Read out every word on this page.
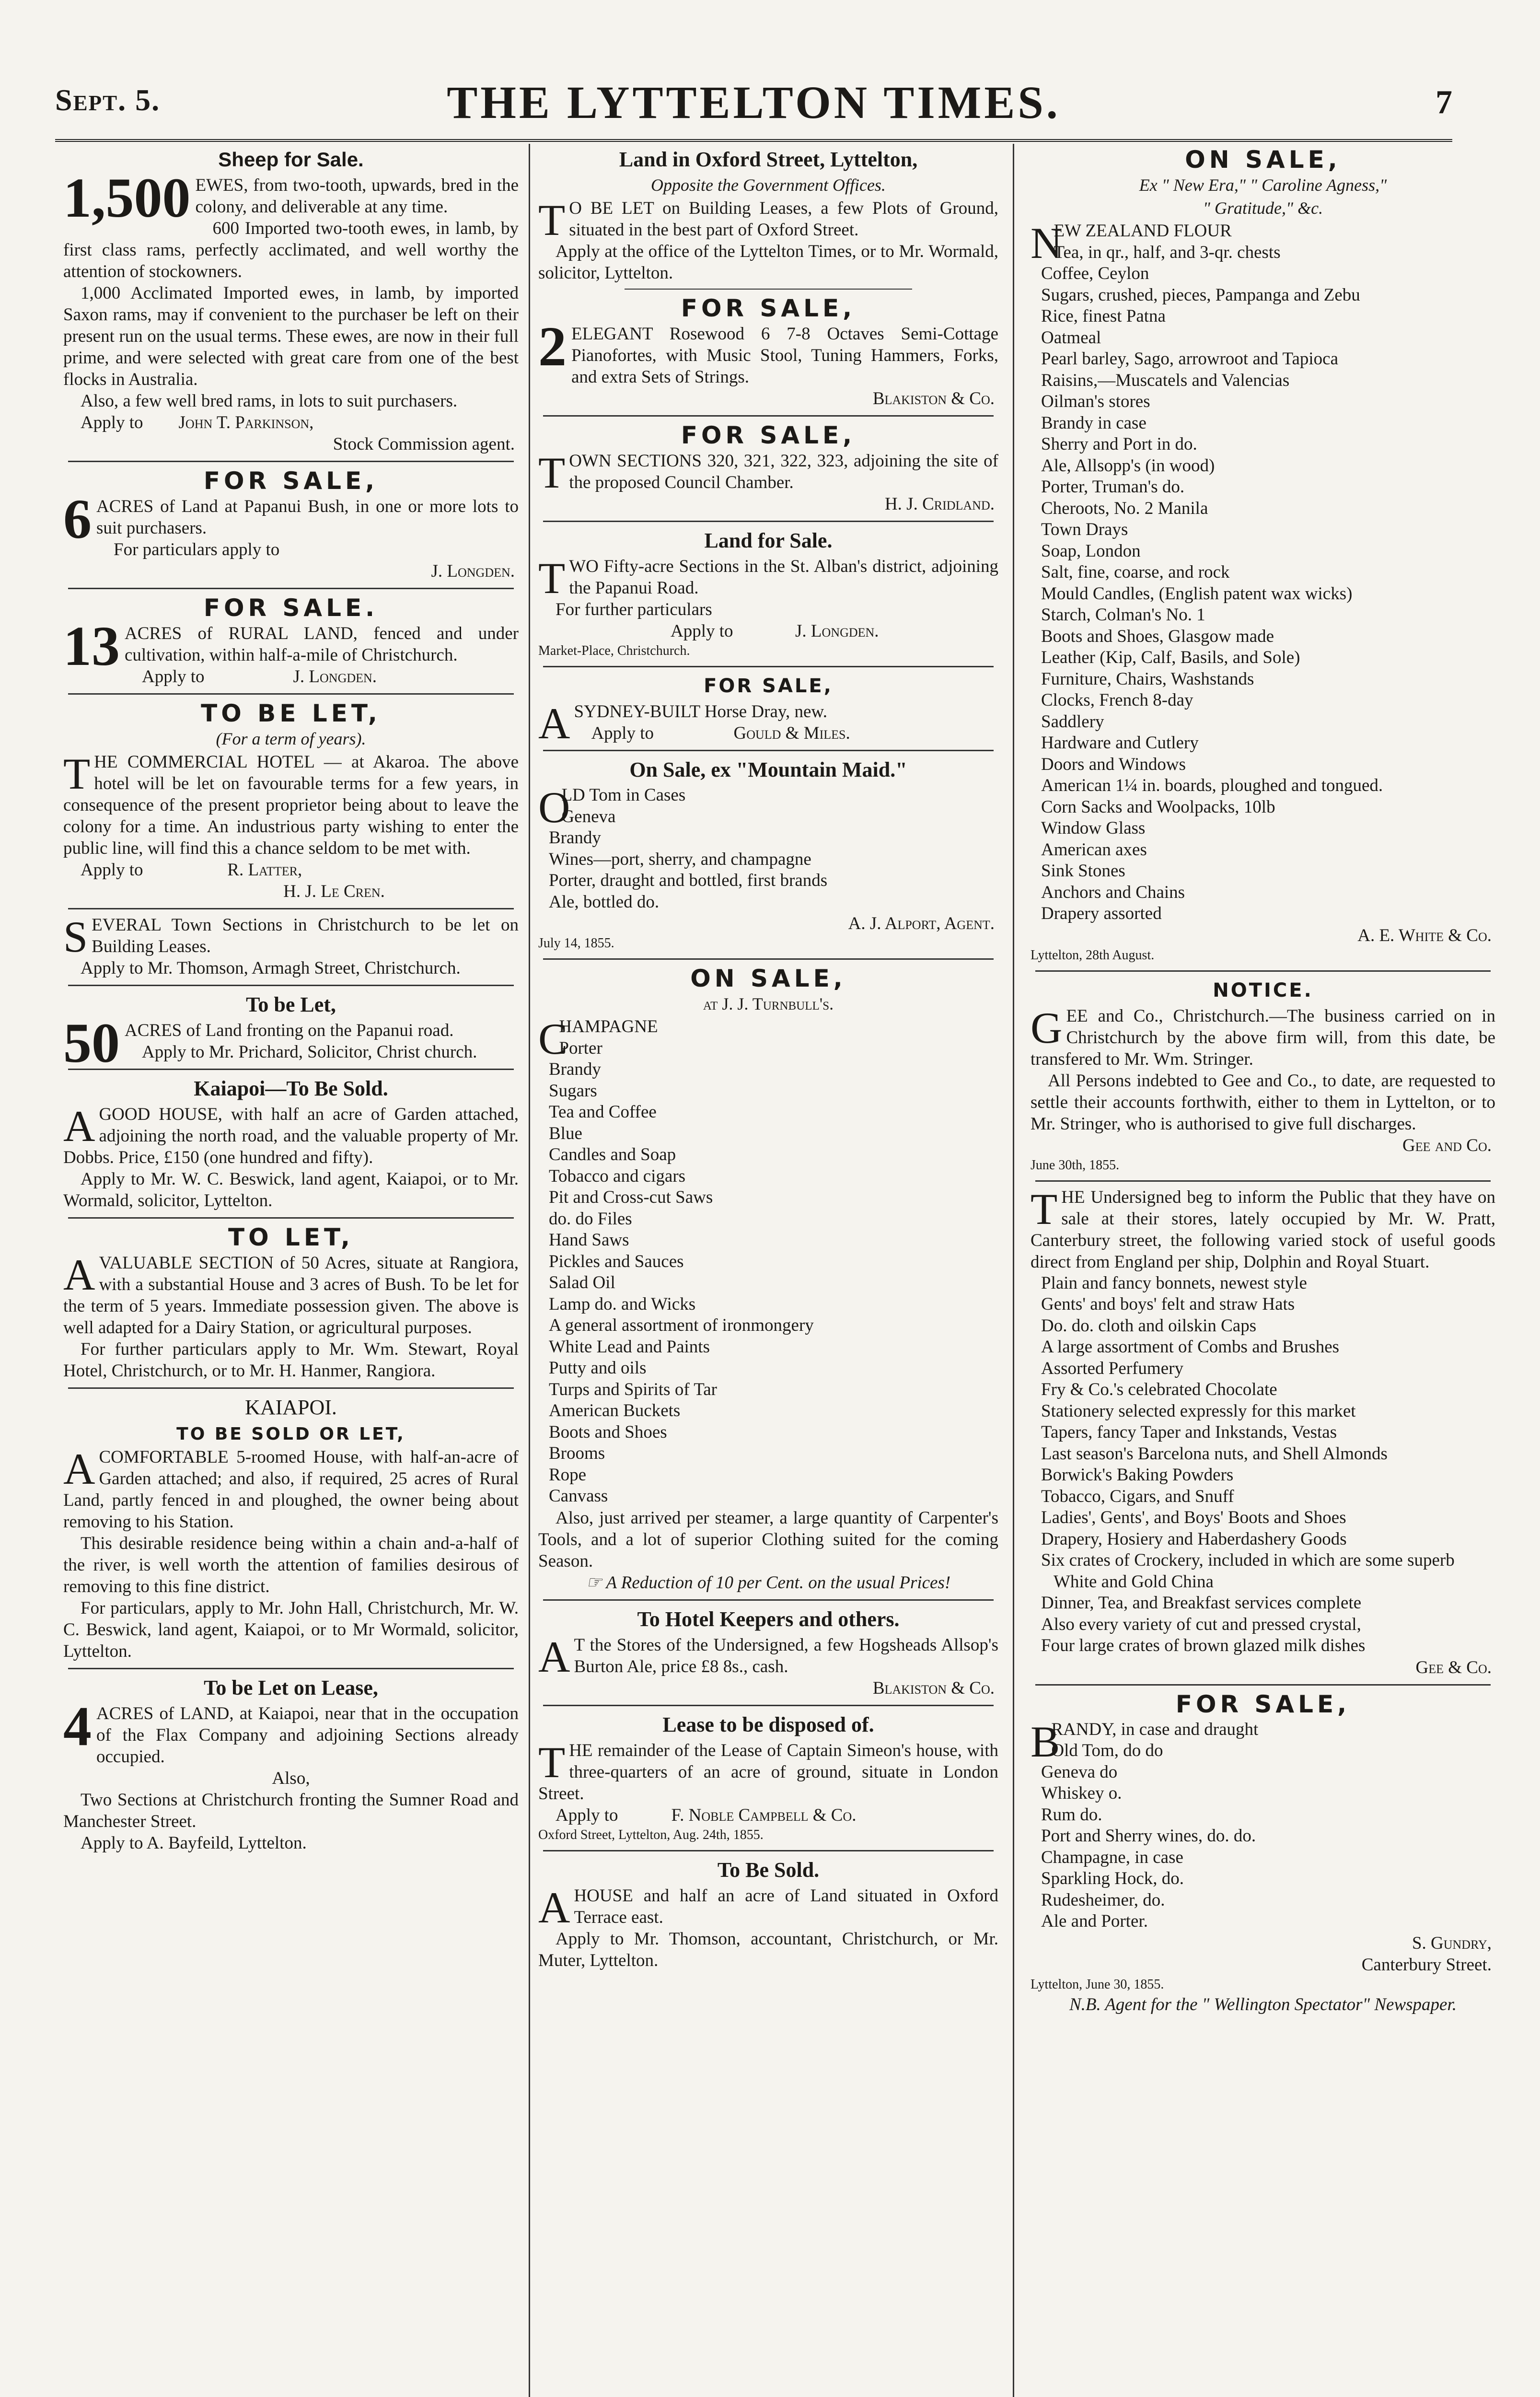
Sept. 5.	THE LYTTELTON TIMES.	7
Sheep for Sale.
1,500 EWES, from two-tooth, upwards, bred in the colony, and deliverable at any time.

600 Imported two-tooth ewes, in lamb, by first class rams, perfectly acclimated, and well worthy the attention of stockowners.

1,000 Acclimated Imported ewes, in lamb, by imported Saxon rams, may if convenient to the purchaser be left on their present run on the usual terms. These ewes, are now in their full prime, and were selected with great care from one of the best flocks in Australia.

Also, a few well bred rams, in lots to suit purchasers.

Apply to John T. Parkinson,

Stock Commission agent.

FOR SALE,
6 ACRES of Land at Papanui Bush, in one or more lots to suit purchasers.

For particulars apply to

J. Longden.

FOR SALE.
13 ACRES of RURAL LAND, fenced and under cultivation, within half-a-mile of Christchurch.

Apply to	J. Longden.

TO BE LET,
(For a term of years).
T HE COMMERCIAL HOTEL — at Akaroa. The above hotel will be let on favourable terms for a few years, in consequence of the present proprietor being about to leave the colony for a time. An industrious party wishing to enter the public line, will find this a chance seldom to be met with.

Apply to	R. Latter,

H. J. Le Cren.

S EVERAL Town Sections in Christchurch to be let on Building Leases.

Apply to Mr. Thomson, Armagh Street, Christchurch.

To be Let,
50 ACRES of Land fronting on the Papanui road.

Apply to Mr. Prichard, Solicitor, Christ church.

Kaiapoi—To Be Sold.
A GOOD HOUSE, with half an acre of Garden attached, adjoining the north road, and the valuable property of Mr. Dobbs. Price, £150 (one hundred and fifty).

Apply to Mr. W. C. Beswick, land agent, Kaiapoi, or to Mr. Wormald, solicitor, Lyttelton.

TO LET,
A VALUABLE SECTION of 50 Acres, situate at Rangiora, with a substantial House and 3 acres of Bush. To be let for the term of 5 years. Immediate possession given. The above is well adapted for a Dairy Station, or agricultural purposes.

For further particulars apply to Mr. Wm. Stewart, Royal Hotel, Christchurch, or to Mr. H. Hanmer, Rangiora.

KAIAPOI.
TO BE SOLD OR LET,
A COMFORTABLE 5-roomed House, with half-an-acre of Garden attached; and also, if required, 25 acres of Rural Land, partly fenced in and ploughed, the owner being about removing to his Station.

This desirable residence being within a chain and-a-half of the river, is well worth the attention of families desirous of removing to this fine district.

For particulars, apply to Mr. John Hall, Christchurch, Mr. W. C. Beswick, land agent, Kaiapoi, or to Mr Wormald, solicitor, Lyttelton.

To be Let on Lease,
4 ACRES of LAND, at Kaiapoi, near that in the occupation of the Flax Company and adjoining Sections already occupied.

Also,

Two Sections at Christchurch fronting the Sumner Road and Manchester Street.

Apply to A. Bayfeild, Lyttelton.

Land in Oxford Street, Lyttelton,
Opposite the Government Offices.
T O BE LET on Building Leases, a few Plots of Ground, situated in the best part of Oxford Street.

Apply at the office of the Lyttelton Times, or to Mr. Wormald, solicitor, Lyttelton.

FOR SALE,
2 ELEGANT Rosewood 6 7-8 Octaves Semi-Cottage Pianofortes, with Music Stool, Tuning Hammers, Forks, and extra Sets of Strings.

Blakiston & Co.

FOR SALE,
T OWN SECTIONS 320, 321, 322, 323, adjoining the site of the proposed Council Chamber.

H. J. Cridland.

Land for Sale.
T WO Fifty-acre Sections in the St. Alban's district, adjoining the Papanui Road.

For further particulars

Apply to	J. Longden.

Market-Place, Christchurch.

FOR SALE,
A SYDNEY-BUILT Horse Dray, new.

Apply to	Gould & Miles.

On Sale, ex "Mountain Maid."
O
LD Tom in Cases
Geneva
Brandy
Wines—port, sherry, and champagne
Porter, draught and bottled, first brands
Ale, bottled do.

A. J. Alport, Agent.

July 14, 1855.

ON SALE,
at J. J. Turnbull's.
C
HAMPAGNE
Porter
Brandy
Sugars
Tea and Coffee
Blue
Candles and Soap
Tobacco and cigars
Pit and Cross-cut Saws
do. do Files
Hand Saws
Pickles and Sauces
Salad Oil
Lamp do. and Wicks
A general assortment of ironmongery
White Lead and Paints
Putty and oils
Turps and Spirits of Tar
American Buckets
Boots and Shoes
Brooms
Rope
Canvass

Also, just arrived per steamer, a large quantity of Carpenter's Tools, and a lot of superior Clothing suited for the coming Season.

☞ A Reduction of 10 per Cent. on the usual Prices!

To Hotel Keepers and others.
A T the Stores of the Undersigned, a few Hogsheads Allsop's Burton Ale, price £8 8s., cash.

Blakiston & Co.

Lease to be disposed of.
T HE remainder of the Lease of Captain Simeon's house, with three-quarters of an acre of ground, situate in London Street.

Apply to	F. Noble Campbell & Co.

Oxford Street, Lyttelton, Aug. 24th, 1855.

To Be Sold.
A HOUSE and half an acre of Land situated in Oxford Terrace east.

Apply to Mr. Thomson, accountant, Christchurch, or Mr. Muter, Lyttelton.

ON SALE,
Ex " New Era," " Caroline Agness,"
" Gratitude," &c.
N
EW ZEALAND FLOUR
Tea, in qr., half, and 3-qr. chests
Coffee, Ceylon
Sugars, crushed, pieces, Pampanga and Zebu
Rice, finest Patna
Oatmeal
Pearl barley, Sago, arrowroot and Tapioca
Raisins,—Muscatels and Valencias
Oilman's stores
Brandy in case
Sherry and Port in do.
Ale, Allsopp's (in wood)
Porter, Truman's do.
Cheroots, No. 2 Manila
Town Drays
Soap, London
Salt, fine, coarse, and rock
Mould Candles, (English patent wax wicks)
Starch, Colman's No. 1
Boots and Shoes, Glasgow made
Leather (Kip, Calf, Basils, and Sole)
Furniture, Chairs, Washstands
Clocks, French 8-day
Saddlery
Hardware and Cutlery
Doors and Windows
American 1¼ in. boards, ploughed and tongued.
Corn Sacks and Woolpacks, 10lb
Window Glass
American axes
Sink Stones
Anchors and Chains
Drapery assorted

A. E. White & Co.

Lyttelton, 28th August.

NOTICE.
G EE and Co., Christchurch.—The business carried on in Christchurch by the above firm will, from this date, be transfered to Mr. Wm. Stringer.

All Persons indebted to Gee and Co., to date, are requested to settle their accounts forthwith, either to them in Lyttelton, or to Mr. Stringer, who is authorised to give full discharges.

Gee and Co.

June 30th, 1855.

T HE Undersigned beg to inform the Public that they have on sale at their stores, lately occupied by Mr. W. Pratt, Canterbury street, the following varied stock of useful goods direct from England per ship, Dolphin and Royal Stuart.

Plain and fancy bonnets, newest style
Gents' and boys' felt and straw Hats
Do. do. cloth and oilskin Caps
A large assortment of Combs and Brushes
Assorted Perfumery
Fry & Co.'s celebrated Chocolate
Stationery selected expressly for this market
Tapers, fancy Taper and Inkstands, Vestas
Last season's Barcelona nuts, and Shell Almonds
Borwick's Baking Powders
Tobacco, Cigars, and Snuff
Ladies', Gents', and Boys' Boots and Shoes
Drapery, Hosiery and Haberdashery Goods
Six crates of Crockery, included in which are some superb White and Gold China
Dinner, Tea, and Breakfast services complete
Also every variety of cut and pressed crystal,
Four large crates of brown glazed milk dishes

Gee & Co.

FOR SALE,
B
RANDY, in case and draught
Old Tom, do do
Geneva do
Whiskey o.
Rum do.
Port and Sherry wines, do. do.
Champagne, in case
Sparkling Hock, do.
Rudesheimer, do.
Ale and Porter.

S. Gundry,

Canterbury Street.

Lyttelton, June 30, 1855.

N.B. Agent for the " Wellington Spectator" Newspaper.
